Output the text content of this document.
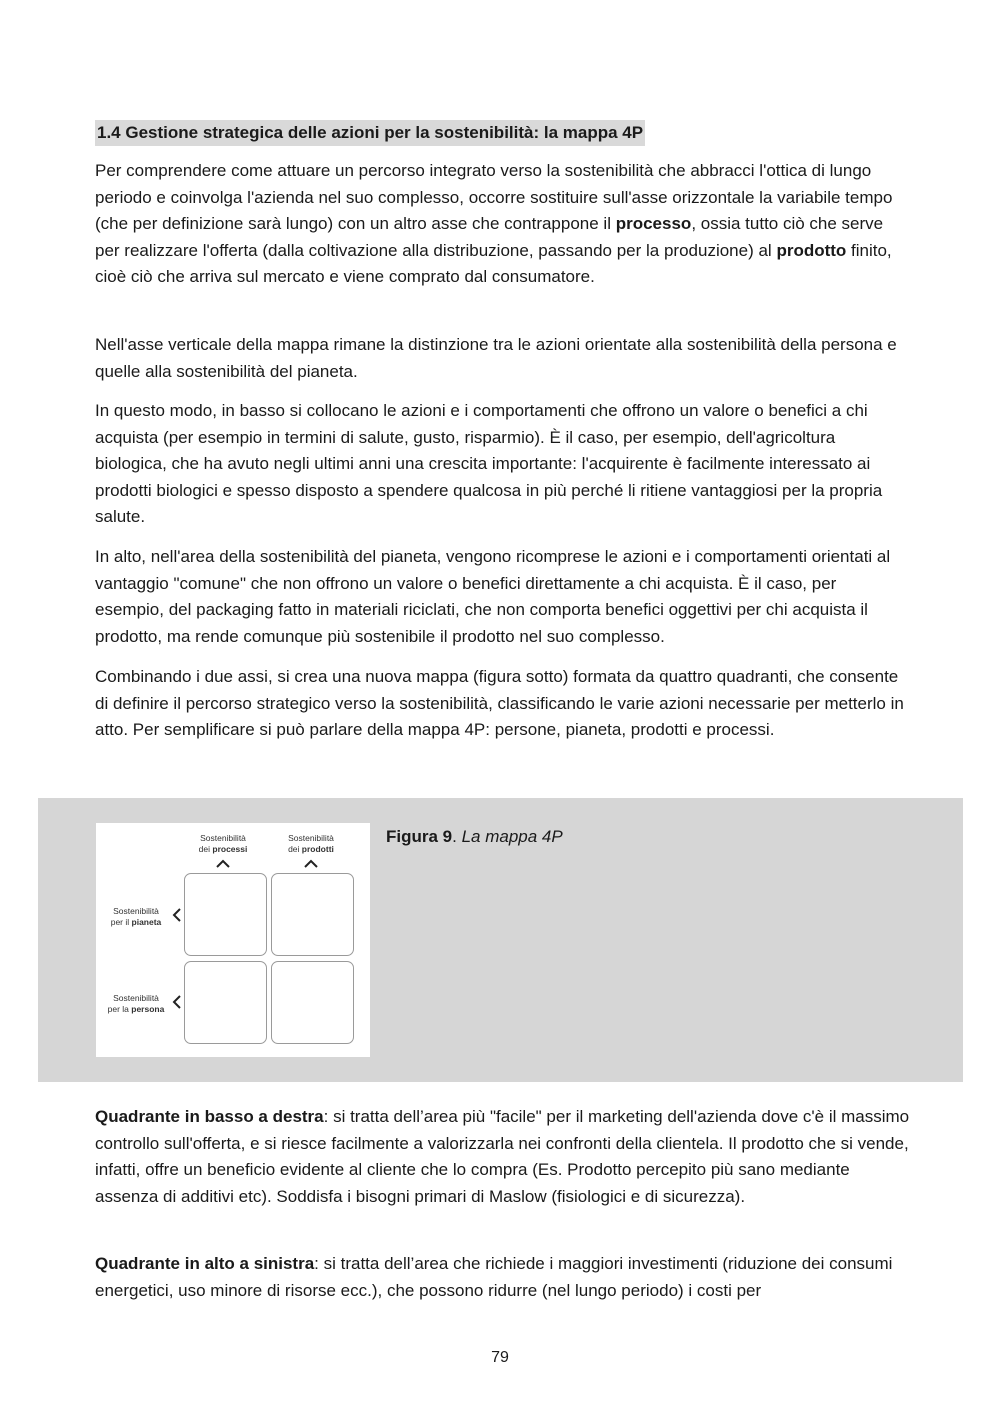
1.4 Gestione strategica delle azioni per la sostenibilità: la mappa 4P

Per comprendere come attuare un percorso integrato verso la sostenibilità che abbracci l'ottica di lungo periodo e coinvolga l'azienda nel suo complesso, occorre sostituire sull'asse orizzontale la variabile tempo (che per definizione sarà lungo) con un altro asse che contrappone il processo, ossia tutto ciò che serve per realizzare l'offerta (dalla coltivazione alla distribuzione, passando per la produzione) al prodotto finito, cioè ciò che arriva sul mercato e viene comprato dal consumatore.

Nell'asse verticale della mappa rimane la distinzione tra le azioni orientate alla sostenibilità della persona e quelle alla sostenibilità del pianeta.

In questo modo, in basso si collocano le azioni e i comportamenti che offrono un valore o benefici a chi acquista (per esempio in termini di salute, gusto, risparmio). È il caso, per esempio, dell'agricoltura biologica, che ha avuto negli ultimi anni una crescita importante: l'acquirente è facilmente interessato ai prodotti biologici e spesso disposto a spendere qualcosa in più perché li ritiene vantaggiosi per la propria salute.

In alto, nell'area della sostenibilità del pianeta, vengono ricomprese le azioni e i comportamenti orientati al vantaggio "comune" che non offrono un valore o benefici direttamente a chi acquista. È il caso, per esempio, del packaging fatto in materiali riciclati, che non comporta benefici oggettivi per chi acquista il prodotto, ma rende comunque più sostenibile il prodotto nel suo complesso.

Combinando i due assi, si crea una nuova mappa (figura sotto) formata da quattro quadranti, che consente di definire il percorso strategico verso la sostenibilità, classificando le varie azioni necessarie per metterlo in atto. Per semplificare si può parlare della mappa 4P: persone, pianeta, prodotti e processi.

Sostenibilità
dei processi
Sostenibilità
dei prodotti
Sostenibilità
per il pianeta
Sostenibilità
per la persona
Figura 9. La mappa 4P

Quadrante in basso a destra: si tratta dell’area più "facile" per il marketing dell'azienda dove c'è il massimo controllo sull'offerta, e si riesce facilmente a valorizzarla nei confronti della clientela. Il prodotto che si vende, infatti, offre un beneficio evidente al cliente che lo compra (Es. Prodotto percepito più sano mediante assenza di additivi etc). Soddisfa i bisogni primari di Maslow (fisiologici e di sicurezza).

Quadrante in alto a sinistra: si tratta dell’area che richiede i maggiori investimenti (riduzione dei consumi energetici, uso minore di risorse ecc.), che possono ridurre (nel lungo periodo) i costi per

79
